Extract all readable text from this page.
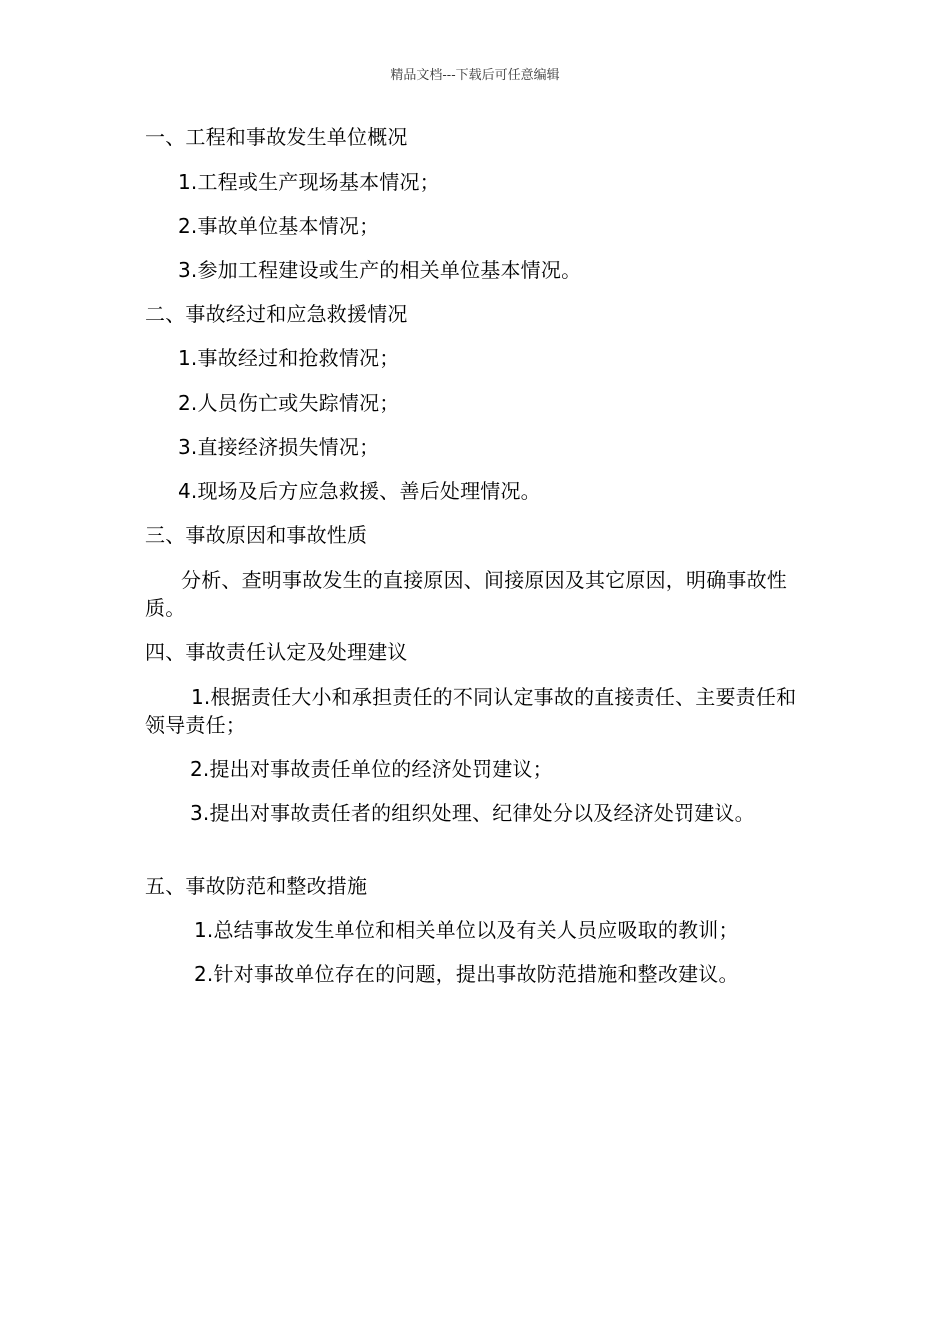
精品文档---下载后可任意编辑
一、工程和事故发生单位概况
1.工程或生产现场基本情况；
2.事故单位基本情况；
3.参加工程建设或生产的相关单位基本情况。
二、事故经过和应急救援情况
1.事故经过和抢救情况；
2.人员伤亡或失踪情况；
3.直接经济损失情况；
4.现场及后方应急救援、善后处理情况。
三、事故原因和事故性质
分析、查明事故发生的直接原因、间接原因及其它原因，明确事故性质。
四、事故责任认定及处理建议
1.根据责任大小和承担责任的不同认定事故的直接责任、主要责任和领导责任；
2.提出对事故责任单位的经济处罚建议；
3.提出对事故责任者的组织处理、纪律处分以及经济处罚建议。
五、事故防范和整改措施
1.总结事故发生单位和相关单位以及有关人员应吸取的教训；
2.针对事故单位存在的问题，提出事故防范措施和整改建议。
